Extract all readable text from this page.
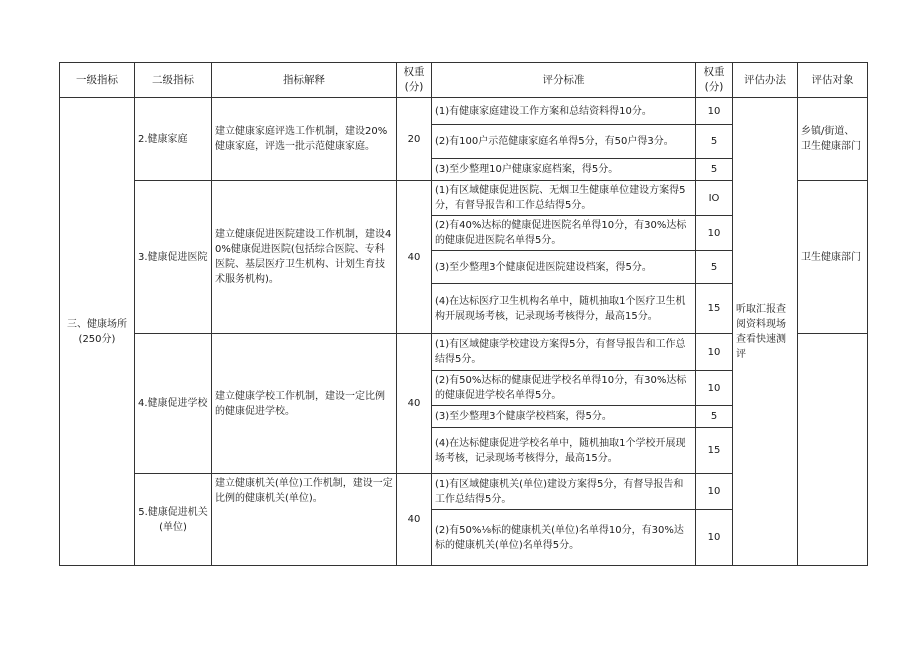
一级指标	二级指标	指标解释	权重(分)	评分标准	权重(分)	评估办法	评估对象
三、健康场所(250分)	2.健康家庭	建立健康家庭评选工作机制，建设20%健康家庭，评选一批示范健康家庭。	20	(1)有健康家庭建设工作方案和总结资料得10分。	10	听取汇报查阅资料现场查看快速测评	乡镇/街道、卫生健康部门
				(2)有100户示范健康家庭名单得5分，有50户得3分。	5		
				(3)至少整理10户健康家庭档案，得5分。	5		
	3.健康促进医院	建立健康促进医院建设工作机制，建设40%健康促进医院(包括综合医院、专科医院、基层医疗卫生机构、计划生育技术服务机构)。	40	(1)有区域健康促进医院、无烟卫生健康单位建设方案得5分，有督导报告和工作总结得5分。	IO		卫生健康部门
				(2)有40%达标的健康促进医院名单得10分，有30%达标的健康促进医院名单得5分。	10		
				(3)至少整理3个健康促进医院建设档案，得5分。	5		
				(4)在达标医疗卫生机构名单中，随机抽取1个医疗卫生机构开展现场考核，记录现场考核得分，最高15分。	15		
	4.健康促进学校	建立健康学校工作机制，建设一定比例的健康促进学校。	40	(1)有区域健康学校建设方案得5分，有督导报告和工作总结得5分。	10		
				(2)有50%达标的健康促进学校名单得10分，有30%达标的健康促进学校名单得5分。	10		
				(3)至少整理3个健康学校档案，得5分。	5		
				(4)在达标健康促进学校名单中，随机抽取1个学校开展现场考核，记录现场考核得分，最高15分。	15		
	5.健康促进机关(单位)	建立健康机关(单位)工作机制，建设一定比例的健康机关(单位)。	40	(1)有区域健康机关(单位)建设方案得5分，有督导报告和工作总结得5分。	10		
				(2)有50%⅛标的健康机关(单位)名单得10分，有30%达标的健康机关(单位)名单得5分。	10		
